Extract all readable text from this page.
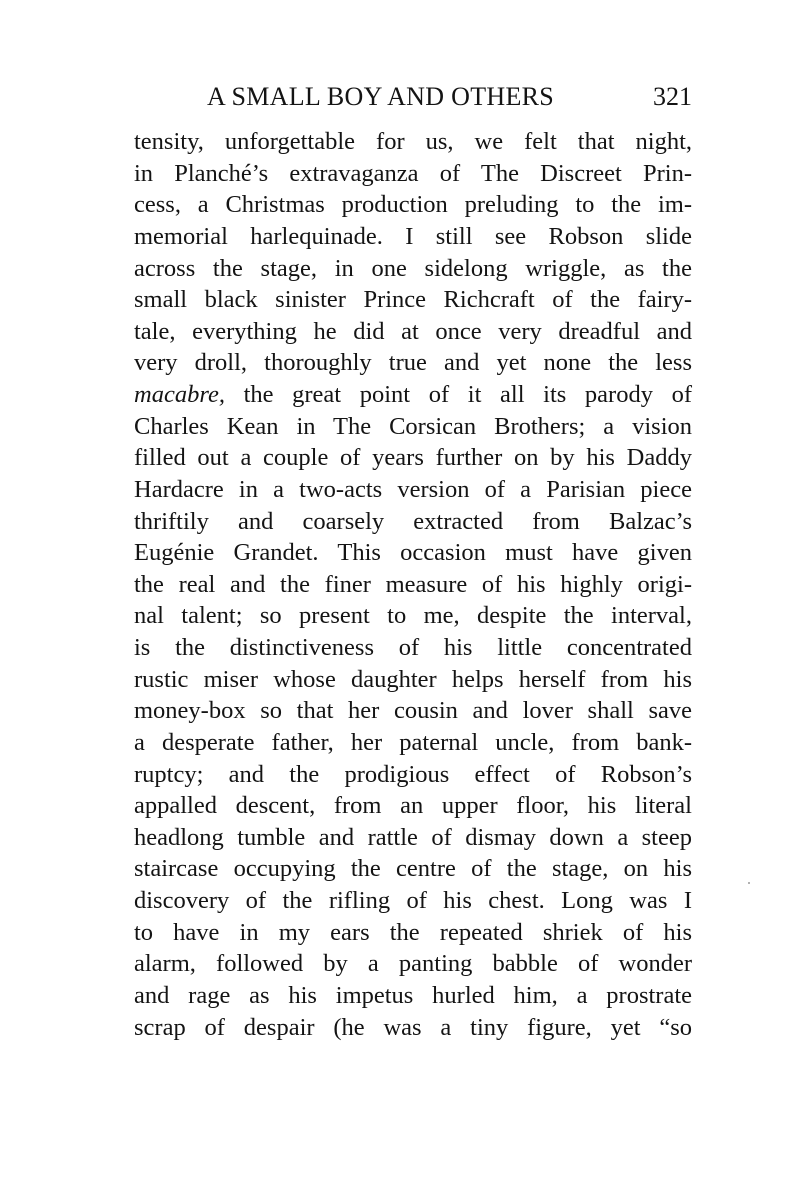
A SMALL BOY AND OTHERS	321
tensity, unforgettable for us, we felt that night,
in Planché’s extravaganza of The Discreet Prin-
cess, a Christmas production preluding to the im-
memorial harlequinade. I still see Robson slide
across the stage, in one sidelong wriggle, as the
small black sinister Prince Richcraft of the fairy-
tale, everything he did at once very dreadful and
very droll, thoroughly true and yet none the less
macabre, the great point of it all its parody of
Charles Kean in The Corsican Brothers; a vision
filled out a couple of years further on by his Daddy
Hardacre in a two-acts version of a Parisian piece
thriftily and coarsely extracted from Balzac’s
Eugénie Grandet. This occasion must have given
the real and the finer measure of his highly origi-
nal talent; so present to me, despite the interval,
is the distinctiveness of his little concentrated
rustic miser whose daughter helps herself from his
money-box so that her cousin and lover shall save
a desperate father, her paternal uncle, from bank-
ruptcy; and the prodigious effect of Robson’s
appalled descent, from an upper floor, his literal
headlong tumble and rattle of dismay down a steep
staircase occupying the centre of the stage, on his
discovery of the rifling of his chest. Long was I
to have in my ears the repeated shriek of his
alarm, followed by a panting babble of wonder
and rage as his impetus hurled him, a prostrate
scrap of despair (he was a tiny figure, yet “so
